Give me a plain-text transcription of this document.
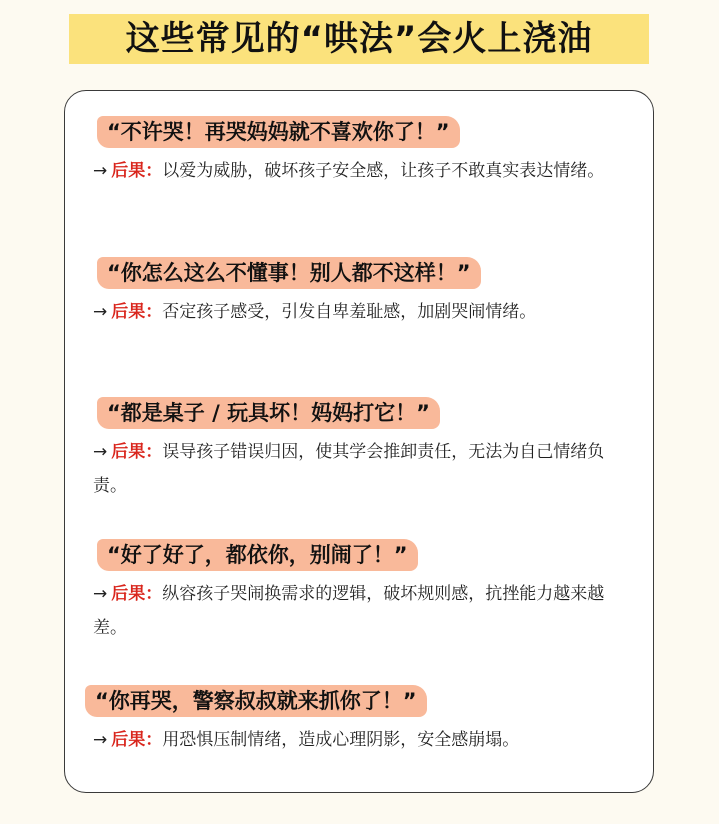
这些常见的“哄法”会火上浇油
“不许哭！再哭妈妈就不喜欢你了！”
→ 后果：以爱为威胁，破坏孩子安全感，让孩子不敢真实表达情绪。
“你怎么这么不懂事！别人都不这样！”
→ 后果：否定孩子感受，引发自卑羞耻感，加剧哭闹情绪。
“都是桌子 / 玩具坏！妈妈打它！”
→ 后果：误导孩子错误归因，使其学会推卸责任，无法为自己情绪负责。
“好了好了，都依你，别闹了！”
→ 后果：纵容孩子哭闹换需求的逻辑，破坏规则感，抗挫能力越来越差。
“你再哭，警察叔叔就来抓你了！”
→ 后果：用恐惧压制情绪，造成心理阴影，安全感崩塌。
